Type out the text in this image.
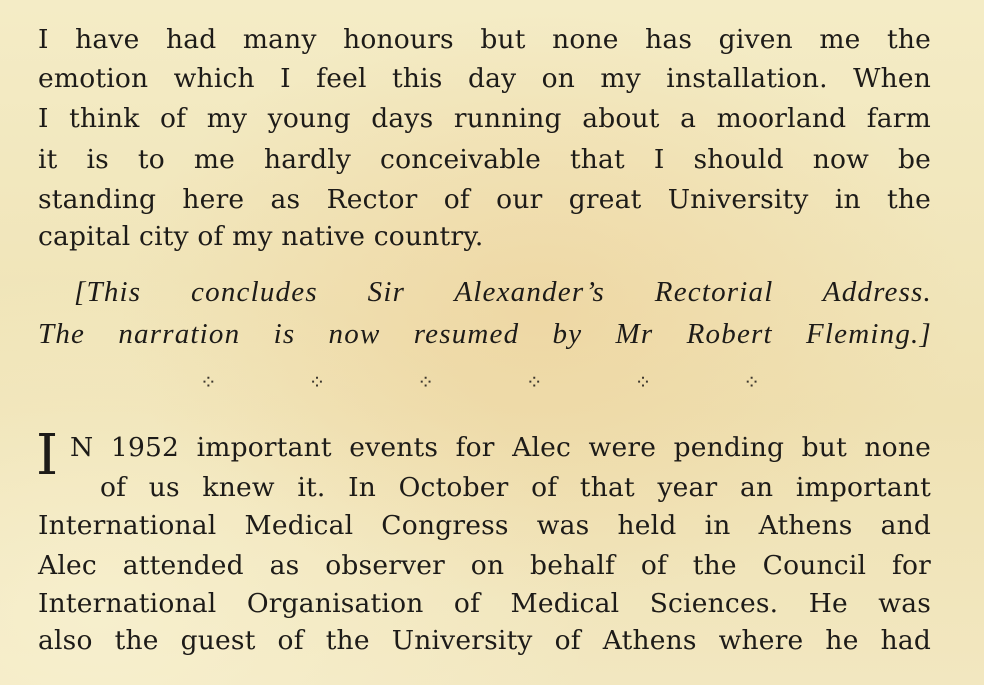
I have had many honours but none has given me the
emotion which I feel this day on my installation. When
I think of my young days running about a moorland farm
it is to me hardly conceivable that I should now be
standing here as Rector of our great University in the
capital city of my native country.
[This concludes Sir Alexander’s Rectorial Address.
The narration is now resumed by Mr Robert Fleming.]
⁘	⁘	⁘	⁘	⁘	⁘
I N 1952 important events for Alec were pending but none
of us knew it. In October of that year an important
International Medical Congress was held in Athens and
Alec attended as observer on behalf of the Council for
International Organisation of Medical Sciences. He was
also the guest of the University of Athens where he had
